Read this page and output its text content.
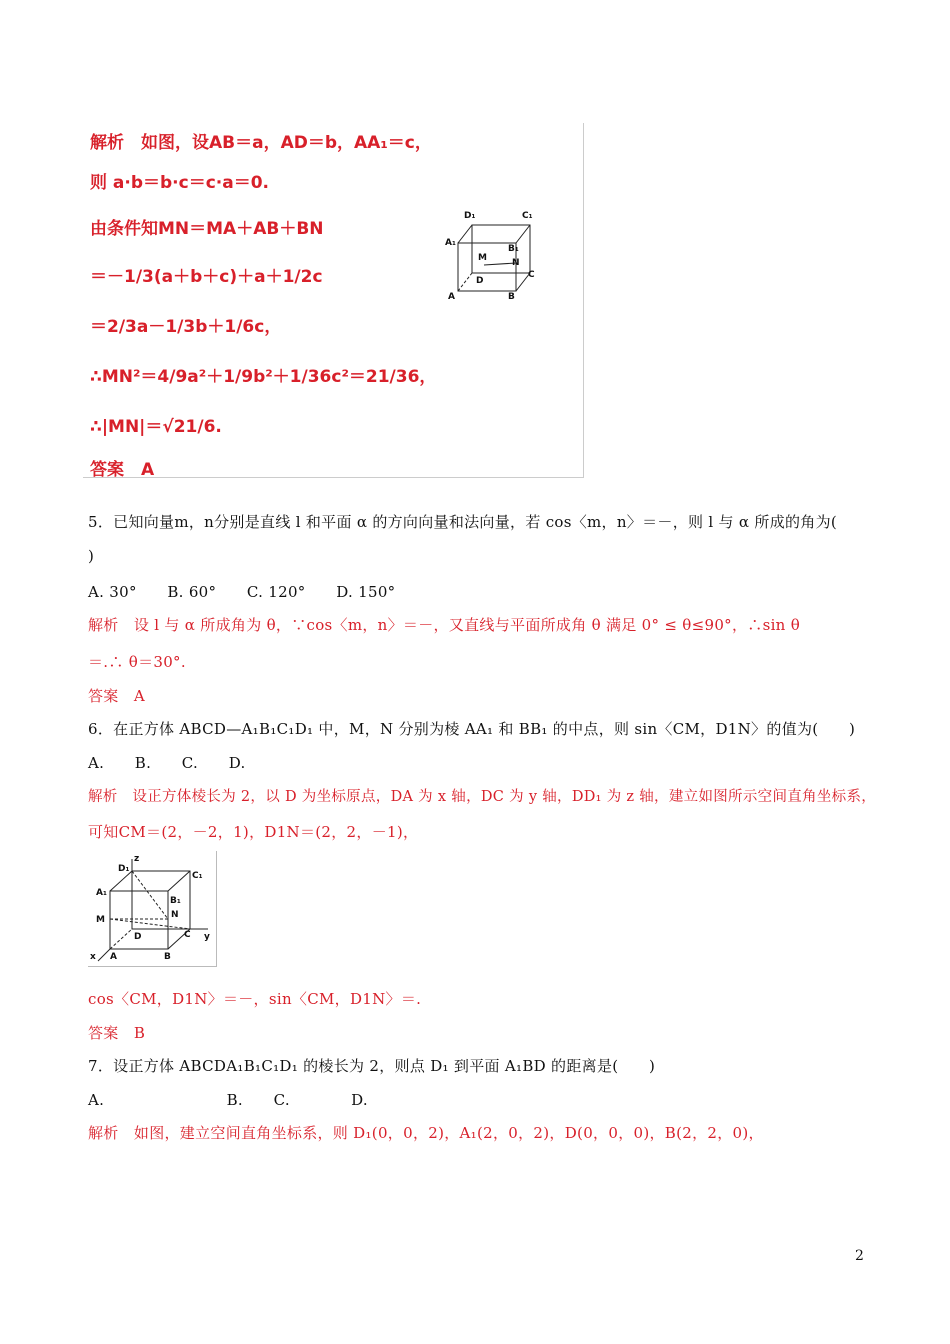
解析　如图，设AB＝a，AD＝b，AA₁＝c，
则 a·b＝b·c＝c·a＝0.
由条件知MN＝MA＋AB＋BN
＝－1/3(a＋b＋c)＋a＋1/2c
＝2/3a－1/3b＋1/6c，
∴MN²＝4/9a²＋1/9b²＋1/36c²＝21/36，
∴|MN|＝√21/6.
答案　A
D₁	C₁
A₁
B₁
M	N
D
C
A	B
5．已知向量m，n分别是直线 l 和平面 α 的方向向量和法向量，若 cos〈m，n〉＝－，则 l 与 α 所成的角为(
)
A. 30°　　B. 60°　　C. 120°　　D. 150°
解析　设 l 与 α 所成角为 θ，∵cos〈m，n〉＝－，又直线与平面所成角 θ 满足 0° ≤ θ≤90°，∴sin θ
＝.∴ θ＝30°.
答案　A
6．在正方体 ABCD—A₁B₁C₁D₁ 中，M，N 分别为棱 AA₁ 和 BB₁ 的中点，则 sin〈CM，D1N〉的值为(　　)
A.　　B.　　C.　　D.
解析　设正方体棱长为 2，以 D 为坐标原点，DA 为 x 轴，DC 为 y 轴，DD₁ 为 z 轴，建立如图所示空间直角坐标系，
可知CM＝(2，－2，1)，D1N＝(2，2，－1)，
D₁
z
C₁
A₁
B₁
M	N
D	C y
x A	B
cos〈CM，D1N〉＝－，sin〈CM，D1N〉＝.
答案　B
7．设正方体 ABCDA₁B₁C₁D₁ 的棱长为 2，则点 D₁ 到平面 A₁BD 的距离是(　　)
A.　　　　　　　　B.　　C.　　　　D.
解析　如图，建立空间直角坐标系，则 D₁(0，0，2)，A₁(2，0，2)，D(0，0，0)，B(2，2，0)，
2
